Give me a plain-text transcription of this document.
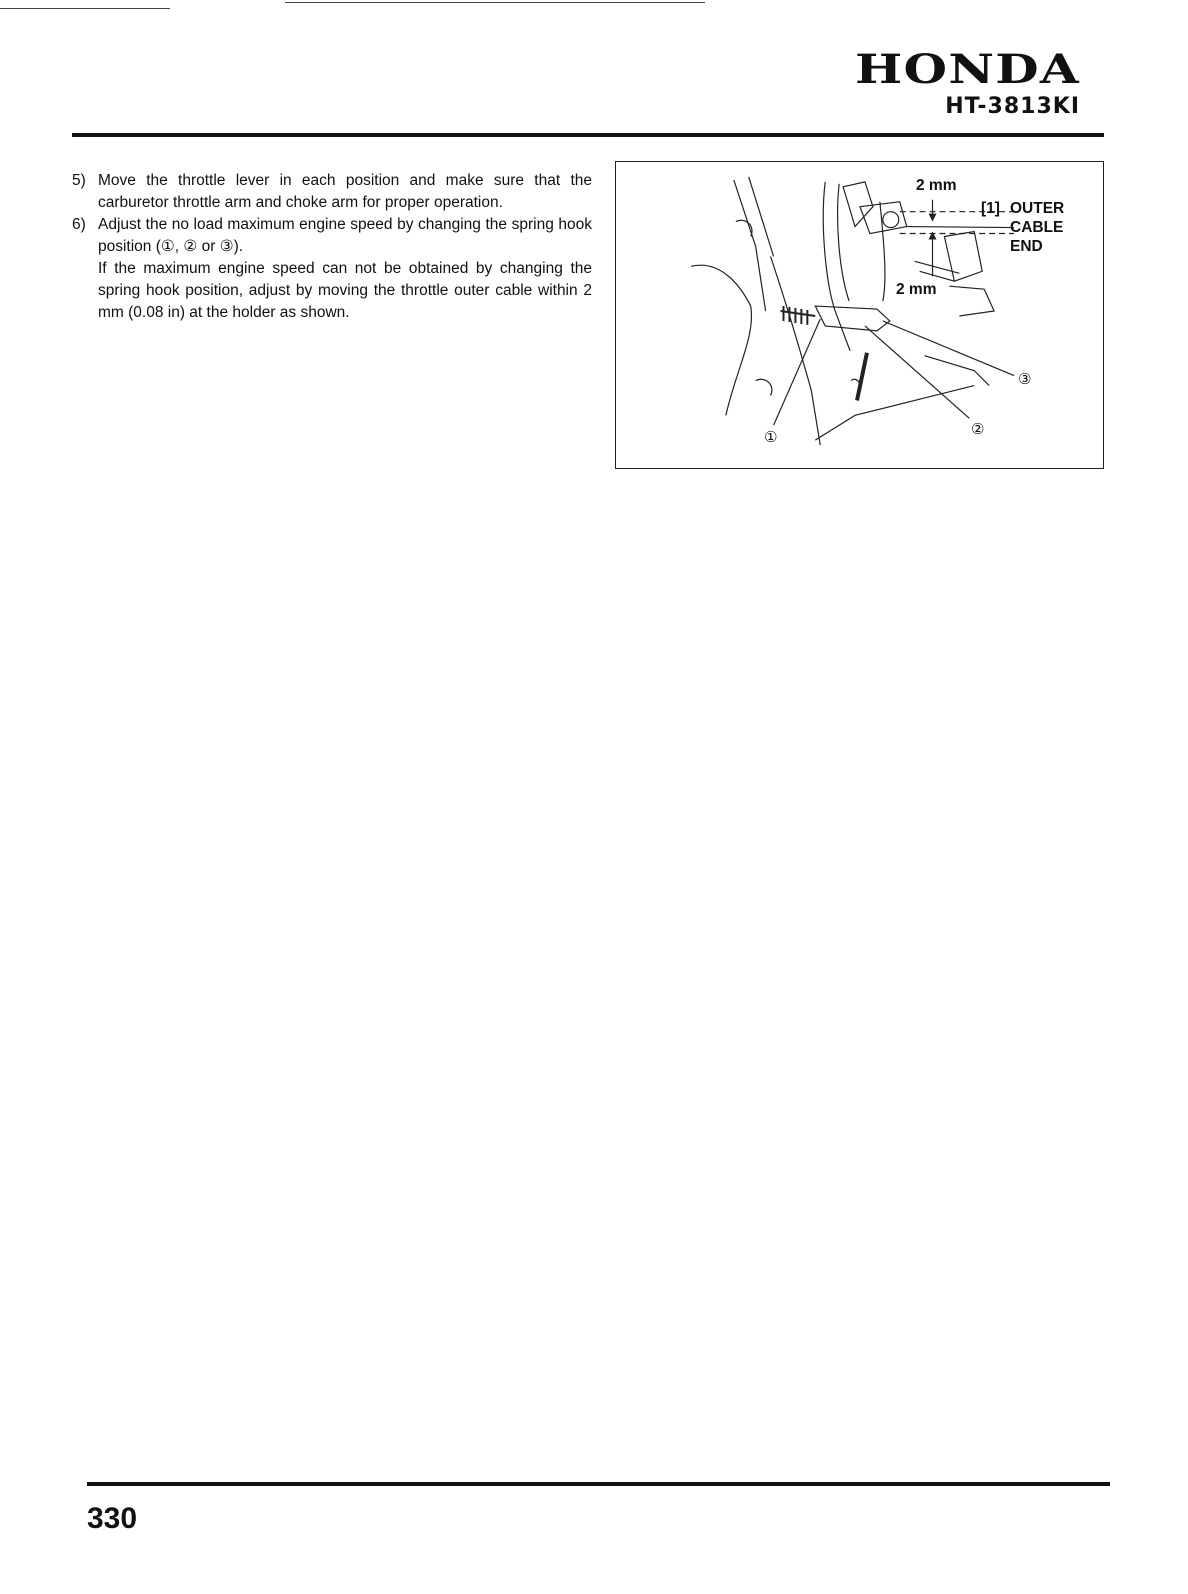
HONDA
HT-3813KI
5) Move the throttle lever in each position and make sure that the carburetor throttle arm and choke arm for proper operation.

6) Adjust the no load maximum engine speed by changing the spring hook position (①, ② or ③).

If the maximum engine speed can not be obtained by changing the spring hook position, adjust by moving the throttle outer cable within 2 mm (0.08 in) at the holder as shown.

2 mm
2 mm
[1] OUTER
CABLE
END
①	②
③
330
